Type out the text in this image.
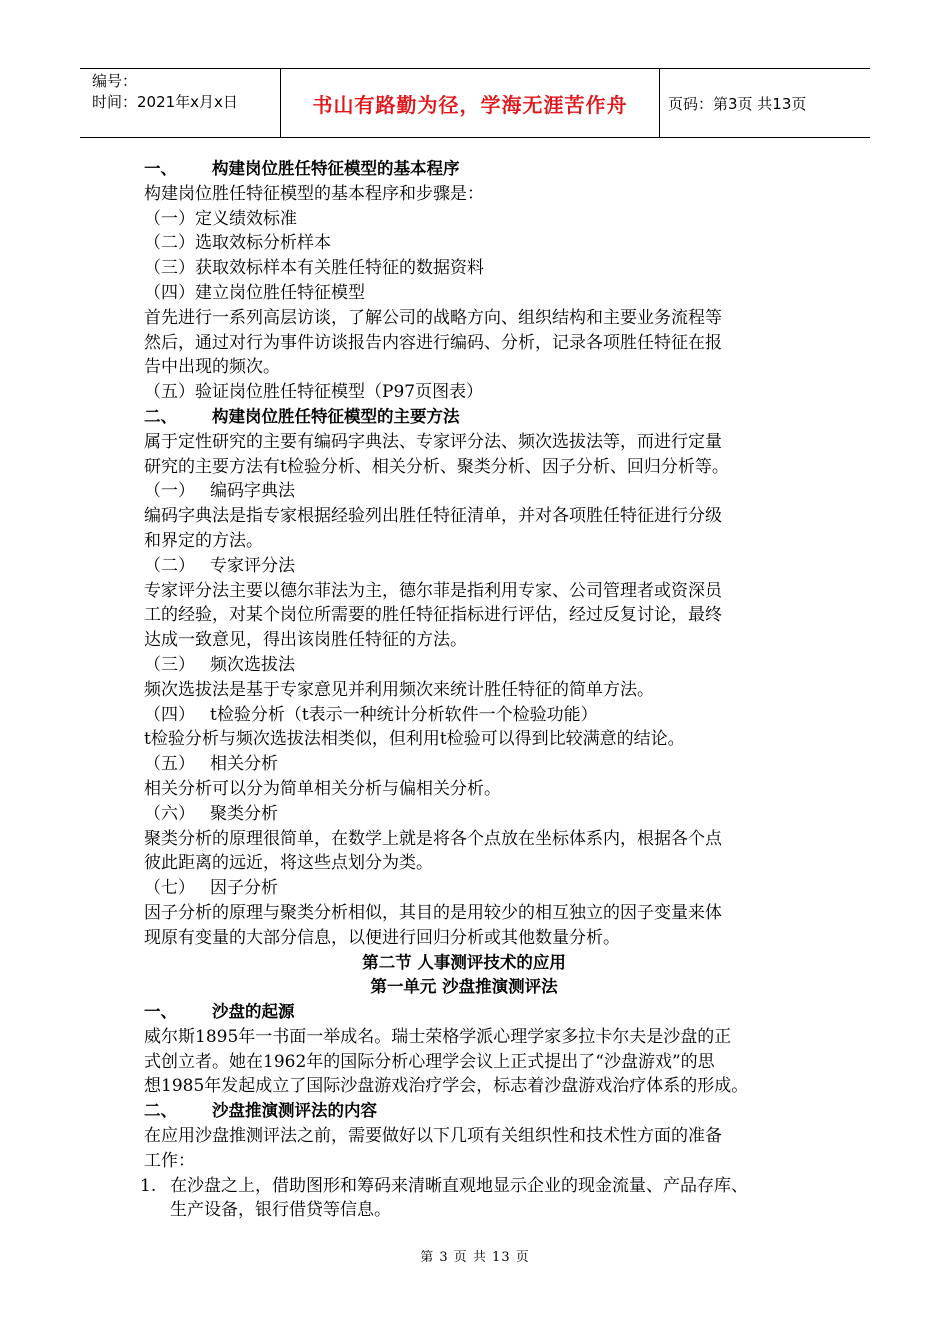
编号：
时间：2021年x月x日	书山有路勤为径，学海无涯苦作舟	页码：第3页 共13页
一、 构建岗位胜任特征模型的基本程序
构建岗位胜任特征模型的基本程序和步骤是：
（一）定义绩效标准
（二）选取效标分析样本
（三）获取效标样本有关胜任特征的数据资料
（四）建立岗位胜任特征模型
首先进行一系列高层访谈，了解公司的战略方向、组织结构和主要业务流程等
然后，通过对行为事件访谈报告内容进行编码、分析，记录各项胜任特征在报
告中出现的频次。
（五）验证岗位胜任特征模型（P97页图表）
二、 构建岗位胜任特征模型的主要方法
属于定性研究的主要有编码字典法、专家评分法、频次选拔法等，而进行定量
研究的主要方法有t检验分析、相关分析、聚类分析、因子分析、回归分析等。
（一） 编码字典法
编码字典法是指专家根据经验列出胜任特征清单，并对各项胜任特征进行分级
和界定的方法。
（二） 专家评分法
专家评分法主要以德尔菲法为主，德尔菲是指利用专家、公司管理者或资深员
工的经验，对某个岗位所需要的胜任特征指标进行评估，经过反复讨论，最终
达成一致意见，得出该岗胜任特征的方法。
（三） 频次选拔法
频次选拔法是基于专家意见并利用频次来统计胜任特征的简单方法。
（四） t检验分析（t表示一种统计分析软件一个检验功能）
t检验分析与频次选拔法相类似，但利用t检验可以得到比较满意的结论。
（五） 相关分析
相关分析可以分为简单相关分析与偏相关分析。
（六） 聚类分析
聚类分析的原理很简单，在数学上就是将各个点放在坐标体系内，根据各个点
彼此距离的远近，将这些点划分为类。
（七） 因子分析
因子分析的原理与聚类分析相似，其目的是用较少的相互独立的因子变量来体
现原有变量的大部分信息，以便进行回归分析或其他数量分析。
第二节 人事测评技术的应用
第一单元 沙盘推演测评法
一、 沙盘的起源
威尔斯1895年一书面一举成名。瑞士荣格学派心理学家多拉卡尔夫是沙盘的正
式创立者。她在1962年的国际分析心理学会议上正式提出了“沙盘游戏”的思
想1985年发起成立了国际沙盘游戏治疗学会，标志着沙盘游戏治疗体系的形成。
二、 沙盘推演测评法的内容
在应用沙盘推测评法之前，需要做好以下几项有关组织性和技术性方面的准备
工作：
1. 在沙盘之上，借助图形和筹码来清晰直观地显示企业的现金流量、产品存库、
生产设备，银行借贷等信息。
第 3 页 共 13 页
